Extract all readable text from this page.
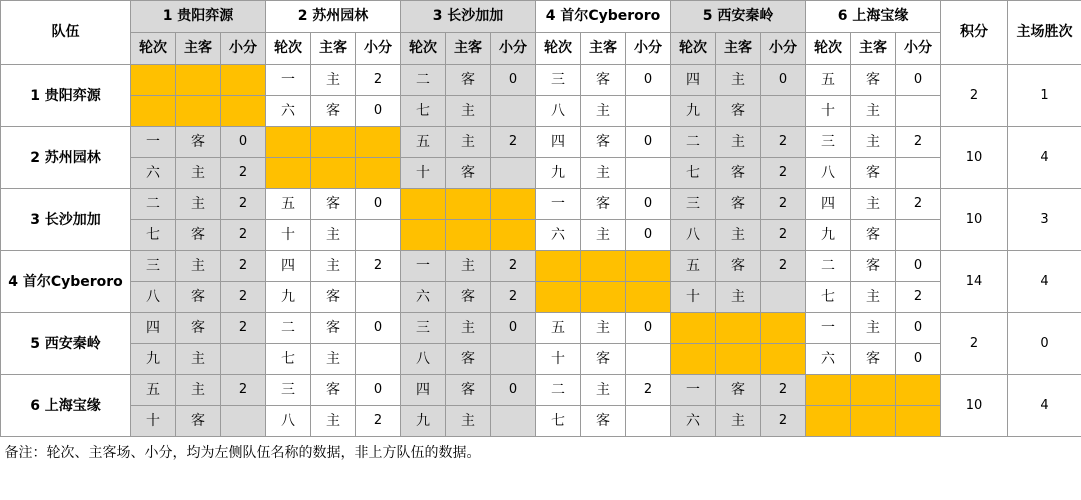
队伍	1 贵阳弈源			2 苏州园林			3 长沙加加			4 首尔Cyberoro			5 西安秦岭			6 上海宝缘			积分	主场胜次
	轮次	主客	小分	轮次	主客	小分	轮次	主客	小分	轮次	主客	小分	轮次	主客	小分	轮次	主客	小分		
1 贵阳弈源				一	主	2	二	客	0	三	客	0	四	主	0	五	客	0	2	1
				六	客	0	七	主		八	主		九	客		十	主			
2 苏州园林	一	客	0				五	主	2	四	客	0	二	主	2	三	主	2	10	4
	六	主	2				十	客		九	主		七	客	2	八	客			
3 长沙加加	二	主	2	五	客	0				一	客	0	三	客	2	四	主	2	10	3
	七	客	2	十	主					六	主	0	八	主	2	九	客			
4 首尔Cyberoro	三	主	2	四	主	2	一	主	2				五	客	2	二	客	0	14	4
	八	客	2	九	客		六	客	2				十	主		七	主	2		
5 西安秦岭	四	客	2	二	客	0	三	主	0	五	主	0				一	主	0	2	0
	九	主		七	主		八	客		十	客					六	客	0		
6 上海宝缘	五	主	2	三	客	0	四	客	0	二	主	2	一	客	2				10	4
	十	客		八	主	2	九	主		七	客		六	主	2					
备注：轮次、主客场、小分，均为左侧队伍名称的数据，非上方队伍的数据。																				
